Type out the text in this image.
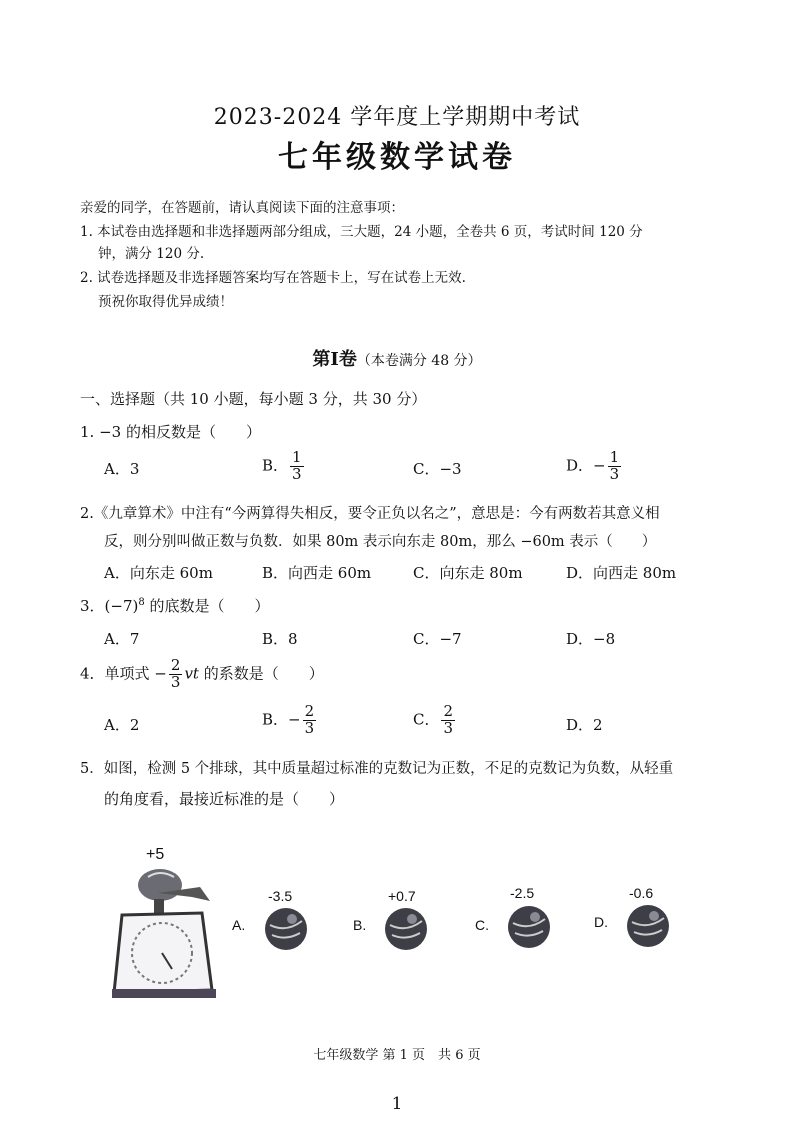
2023-2024 学年度上学期期中考试
七年级数学试卷
亲爱的同学，在答题前，请认真阅读下面的注意事项：
1. 本试卷由选择题和非选择题两部分组成，三大题，24 小题，全卷共 6 页，考试时间 120 分
钟，满分 120 分.
2. 试卷选择题及非选择题答案均写在答题卡上，写在试卷上无效.
预祝你取得优异成绩！
第Ⅰ卷（本卷满分 48 分）
一、选择题（共 10 小题，每小题 3 分，共 30 分）
1. −3 的相反数是（　　）
A．3	B． $\frac{1}{3}$	C．−3	D．− $\frac{1}{3}$
2.《九章算术》中注有“今两算得失相反，要令正负以名之”，意思是：今有两数若其意义相
反，则分别叫做正数与负数．如果 80m 表示向东走 80m，那么 −60m 表示（　　）
A．向东走 60m	B．向西走 60m	C．向东走 80m	D．向西走 80m
3．$(-7)^8$ 的底数是（　　）
A．7	B．8	C．−7	D．−8
4．单项式 − $\frac{2}{3}$ vt 的系数是（　　）
A．2	B．− $\frac{2}{3}$	C． $\frac{2}{3}$	D．2
5．如图，检测 5 个排球，其中质量超过标准的克数记为正数，不足的克数记为负数，从轻重
的角度看，最接近标准的是（　　）
+5
A.
-3.5
B.
+0.7
C.
-2.5
D.
-0.6
七年级数学 第 1 页　共 6 页
1
